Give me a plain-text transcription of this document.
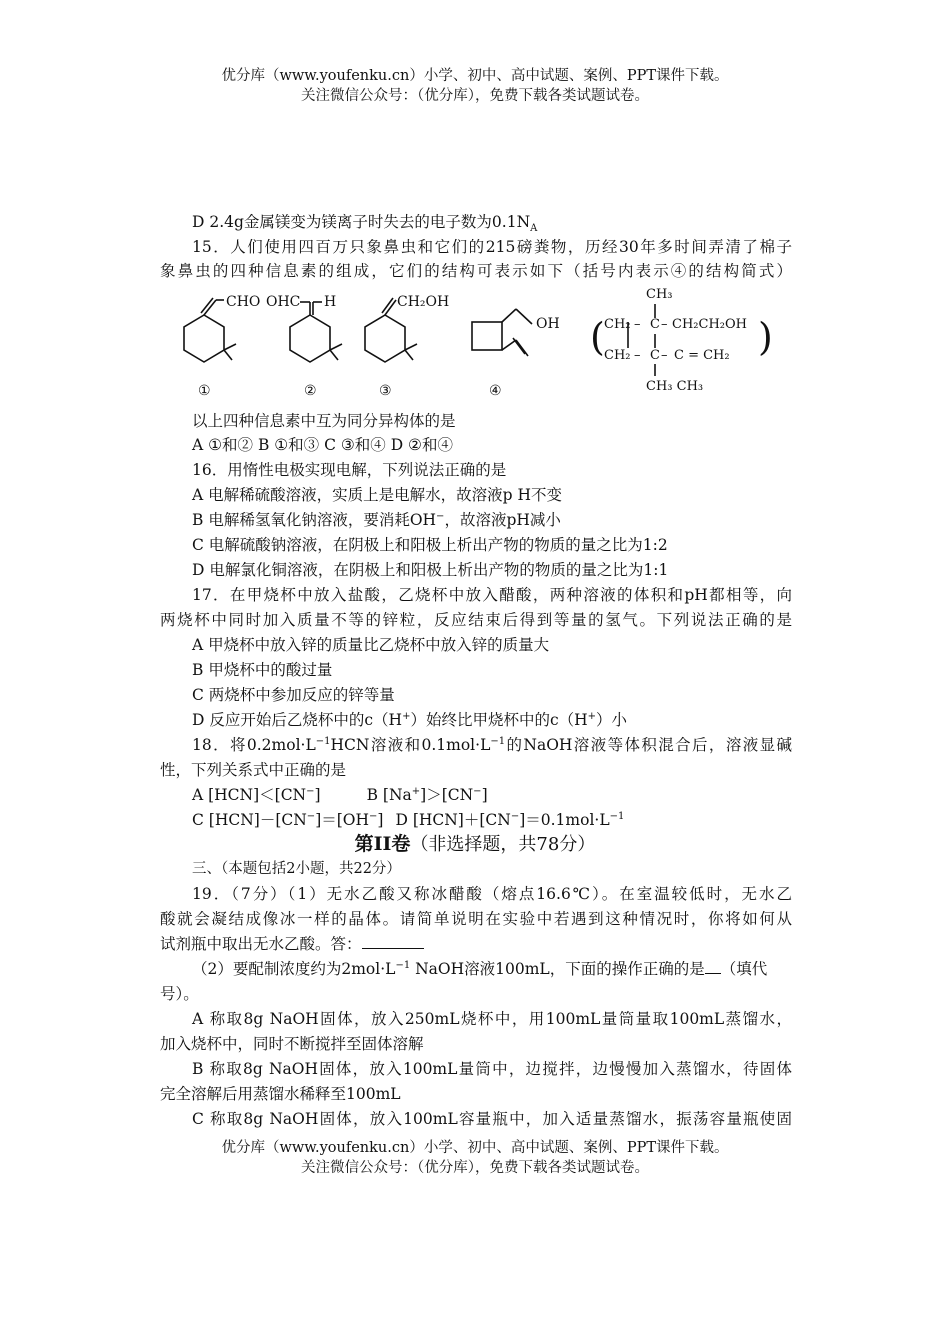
优分库（www.youfenku.cn）小学、初中、高中试题、案例、PPT课件下载。
关注微信公众号：（优分库），免费下载各类试题试卷。
D 2.4g金属镁变为镁离子时失去的电子数为$0.1N_A$
15．人们使用四百万只象鼻虫和它们的215磅粪物，历经30年多时间弄清了棉子
象鼻虫的四种信息素的组成，它们的结构可表示如下（括号内表示④的结构简式）
CHO OHC H	CH₂OH
OH
①	②	③	④
(	)
CH₃
CH₂ – C – CH₂CH₂OH
CH₂ – C – C = CH₂
CH₃ CH₃
以上四种信息素中互为同分异构体的是
A ①和② B ①和③ C ③和④ D ②和④
16．用惰性电极实现电解，下列说法正确的是
A 电解稀硫酸溶液，实质上是电解水，故溶液p H不变
B 电解稀氢氧化钠溶液，要消耗OH−，故溶液pH减小
C 电解硫酸钠溶液，在阴极上和阳极上析出产物的物质的量之比为1:2
D 电解氯化铜溶液，在阴极上和阳极上析出产物的物质的量之比为1:1
17．在甲烧杯中放入盐酸，乙烧杯中放入醋酸，两种溶液的体积和pH都相等，向
两烧杯中同时加入质量不等的锌粒，反应结束后得到等量的氢气。下列说法正确的是
A 甲烧杯中放入锌的质量比乙烧杯中放入锌的质量大
B 甲烧杯中的酸过量
C 两烧杯中参加反应的锌等量
D 反应开始后乙烧杯中的c（H+）始终比甲烧杯中的c（H+）小
18．将$0.2mol\cdot L^{-1}HCN$溶液和$0.1mol\cdot L^{-1}$的NaOH溶液等体积混合后，溶液显碱
性，下列关系式中正确的是
A [HCN]＜[CN−]	B [Na+]＞[CN−]
C [HCN]－[CN−]＝[OH−] D $[HCN]+[CN^-]=0.1mol\cdot L^{-1}$
第II卷（非选择题，共78分）
三、（本题包括2小题，共22分）
19．（7分）（1）无水乙酸又称冰醋酸（熔点16.6℃）。在室温较低时，无水乙
酸就会凝结成像冰一样的晶体。请简单说明在实验中若遇到这种情况时，你将如何从
试剂瓶中取出无水乙酸。答：
（2）要配制浓度约为$2mol\cdot L^{-1}$ NaOH溶液100mL，下面的操作正确的是 （填代
号）。
A 称取8g NaOH固体，放入250mL烧杯中，用100mL量筒量取100mL蒸馏水，
加入烧杯中，同时不断搅拌至固体溶解
B 称取8g NaOH固体，放入100mL量筒中，边搅拌，边慢慢加入蒸馏水，待固体
完全溶解后用蒸馏水稀释至100mL
C 称取8g NaOH固体，放入100mL容量瓶中，加入适量蒸馏水，振荡容量瓶使固
优分库（www.youfenku.cn）小学、初中、高中试题、案例、PPT课件下载。
关注微信公众号：（优分库），免费下载各类试题试卷。
